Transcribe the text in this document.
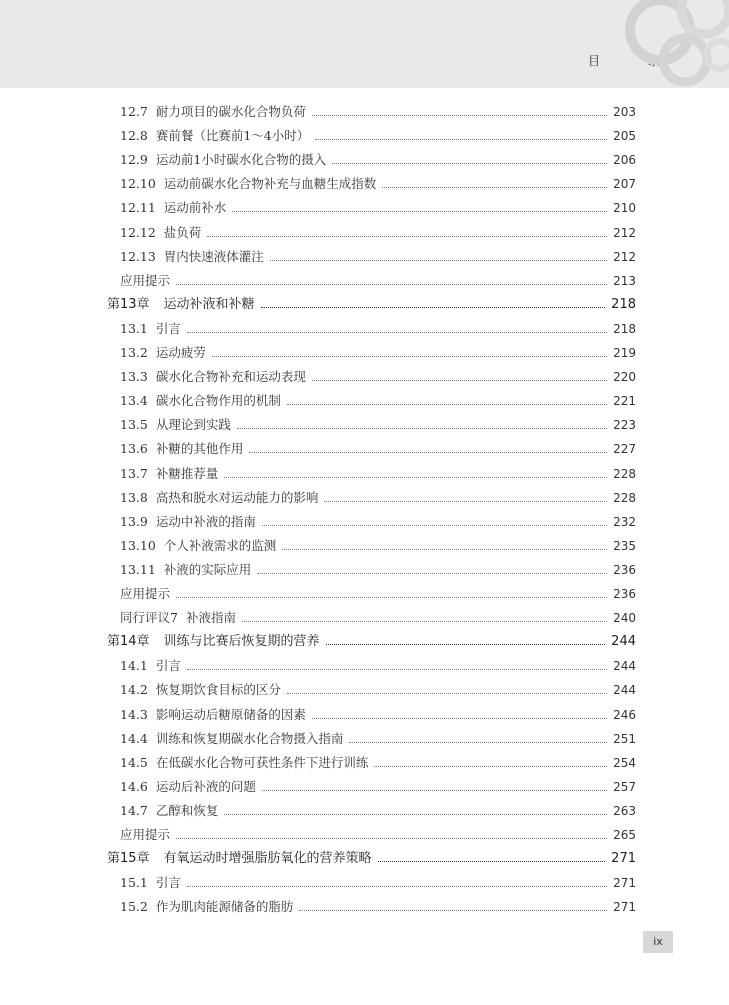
目 录
12.7 耐力项目的碳水化合物负荷	203
12.8 赛前餐（比赛前1～4小时）	205
12.9 运动前1小时碳水化合物的摄入	206
12.10 运动前碳水化合物补充与血糖生成指数	207
12.11 运动前补水	210
12.12 盐负荷	212
12.13 胃内快速液体灌注	212
应用提示	213
第13章 运动补液和补糖	218
13.1 引言	218
13.2 运动疲劳	219
13.3 碳水化合物补充和运动表现	220
13.4 碳水化合物作用的机制	221
13.5 从理论到实践	223
13.6 补糖的其他作用	227
13.7 补糖推荐量	228
13.8 高热和脱水对运动能力的影响	228
13.9 运动中补液的指南	232
13.10 个人补液需求的监测	235
13.11 补液的实际应用	236
应用提示	236
同行评议7 补液指南	240
第14章 训练与比赛后恢复期的营养	244
14.1 引言	244
14.2 恢复期饮食目标的区分	244
14.3 影响运动后糖原储备的因素	246
14.4 训练和恢复期碳水化合物摄入指南	251
14.5 在低碳水化合物可获性条件下进行训练	254
14.6 运动后补液的问题	257
14.7 乙醇和恢复	263
应用提示	265
第15章 有氧运动时增强脂肪氧化的营养策略	271
15.1 引言	271
15.2 作为肌肉能源储备的脂肪	271
ix
